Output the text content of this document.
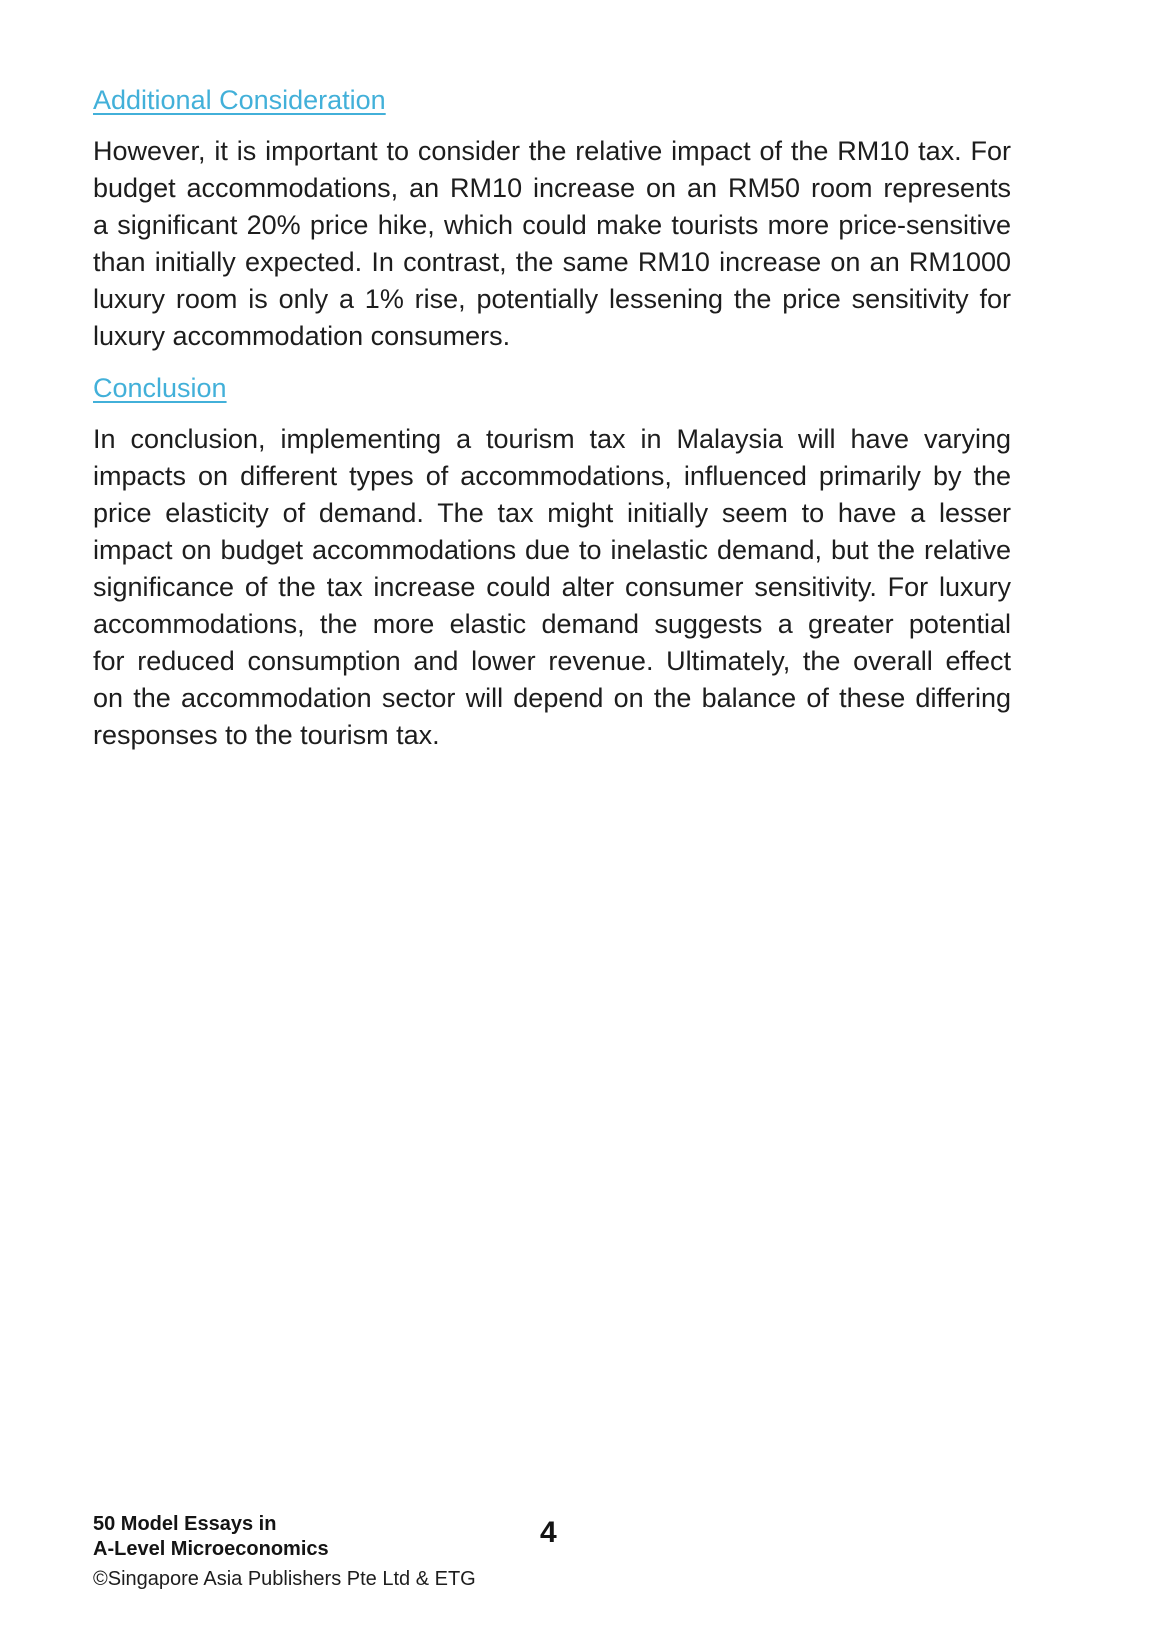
Additional Consideration
However, it is important to consider the relative impact of the RM10 tax. For
budget accommodations, an RM10 increase on an RM50 room represents
a significant 20% price hike, which could make tourists more price-sensitive
than initially expected. In contrast, the same RM10 increase on an RM1000
luxury room is only a 1% rise, potentially lessening the price sensitivity for
luxury accommodation consumers.
Conclusion
In conclusion, implementing a tourism tax in Malaysia will have varying
impacts on different types of accommodations, influenced primarily by the
price elasticity of demand. The tax might initially seem to have a lesser
impact on budget accommodations due to inelastic demand, but the relative
significance of the tax increase could alter consumer sensitivity. For luxury
accommodations, the more elastic demand suggests a greater potential
for reduced consumption and lower revenue. Ultimately, the overall effect
on the accommodation sector will depend on the balance of these differing
responses to the tourism tax.
4
50 Model Essays in
A-Level Microeconomics
©Singapore Asia Publishers Pte Ltd & ETG
